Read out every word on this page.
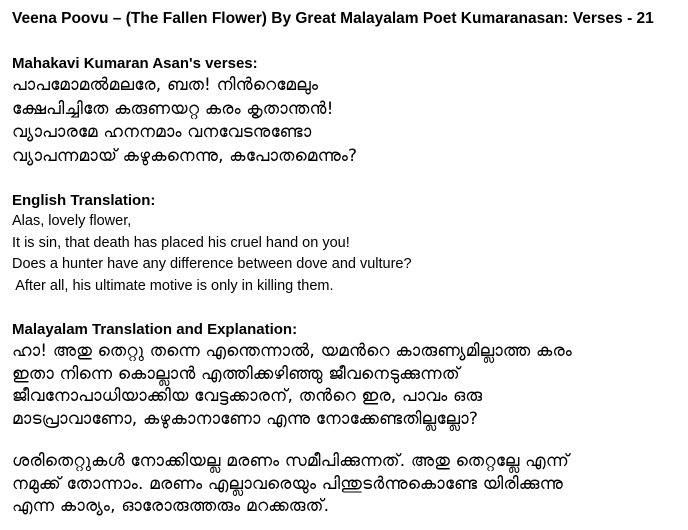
Veena Poovu – (The Fallen Flower) By Great Malayalam Poet Kumaranasan: Verses - 21

Mahakavi Kumaran Asan's verses:

പാപമോമൽമലരേ, ബത! നിൻറെമേലും

ക്ഷേപിച്ചിതേ കരുണയറ്റ കരം കൃതാന്തൻ!

വ്യാപാരമേ ഹനനമാം വനവേടനുണ്ടോ

വ്യാപന്നമായ് കഴുകനെന്നു, കപോതമെന്നും?

English Translation:

Alas, lovely flower,

It is sin, that death has placed his cruel hand on you!

Does a hunter have any difference between dove and vulture?

After all, his ultimate motive is only in killing them.

Malayalam Translation and Explanation:

ഹാ! അതു തെറ്റു തന്നെ എന്തെന്നാൽ, യമൻറെ കാരുണ്യമില്ലാത്ത കരം

ഇതാ നിന്നെ കൊല്ലാൻ എത്തിക്കഴിഞ്ഞു ജീവനെടുക്കുന്നത്

ജീവനോപാധിയാക്കിയ വേട്ടക്കാരന്, തൻറെ ഇര, പാവം ഒരു

മാടപ്രാവാണോ, കഴുകാനാണോ എന്നു നോക്കേണ്ടതില്ലല്ലോ?

ശരിതെറ്റുകൾ നോക്കിയല്ല മരണം സമീപിക്കുന്നത്. അതു തെറ്റല്ലേ എന്ന്

നമുക്ക് തോന്നാം. മരണം എല്ലാവരെയും പിന്തുടർന്നുകൊണ്ടേ യിരിക്കുന്നു

എന്ന കാര്യം, ഓരോരുത്തരും മറക്കരുത്.
